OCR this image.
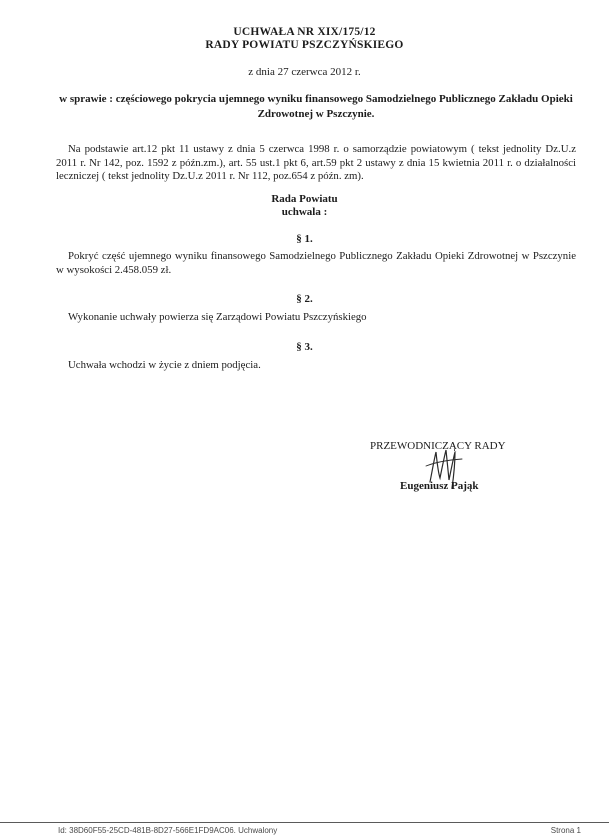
UCHWAŁA NR XIX/175/12
RADY POWIATU PSZCZYŃSKIEGO
z dnia 27 czerwca 2012 r.
w sprawie : częściowego pokrycia ujemnego wyniku finansowego Samodzielnego Publicznego Zakładu Opieki Zdrowotnej w Pszczynie.
Na podstawie art.12 pkt 11 ustawy z dnia 5 czerwca 1998 r. o samorządzie powiatowym ( tekst jednolity Dz.U.z 2011 r. Nr 142, poz. 1592 z późn.zm.), art. 55 ust.1 pkt 6, art.59 pkt 2 ustawy z dnia 15 kwietnia 2011 r. o działalności leczniczej ( tekst jednolity Dz.U.z 2011 r. Nr 112, poz.654 z późn. zm).
Rada Powiatu
uchwala :
§ 1.
Pokryć część ujemnego wyniku finansowego Samodzielnego Publicznego Zakładu Opieki Zdrowotnej w Pszczynie w wysokości 2.458.059 zł.
§ 2.
Wykonanie uchwały powierza się Zarządowi Powiatu Pszczyńskiego
§ 3.
Uchwała wchodzi w życie z dniem podjęcia.
PRZEWODNICZĄCY RADY
Eugeniusz Pająk
Id: 38D60F55-25CD-481B-8D27-566E1FD9AC06. Uchwalony	Strona 1
